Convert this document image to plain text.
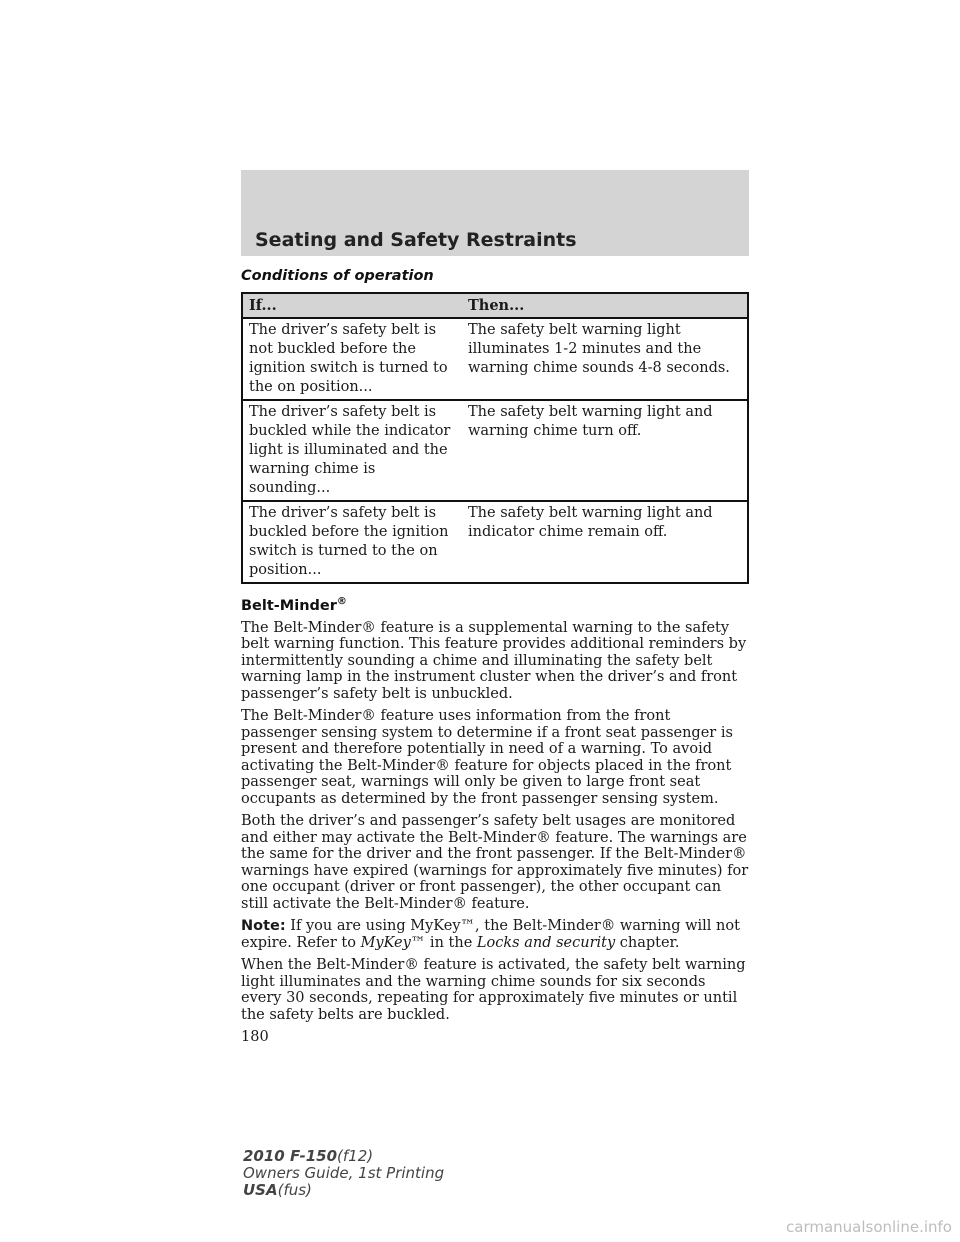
Seating and Safety Restraints
Conditions of operation
If...	Then...
The driver’s safety belt is not buckled before the ignition switch is turned to the on position...	The safety belt warning light illuminates 1-2 minutes and the warning chime sounds 4-8 seconds.
The driver’s safety belt is buckled while the indicator light is illuminated and the warning chime is sounding...	The safety belt warning light and warning chime turn off.
The driver’s safety belt is buckled before the ignition switch is turned to the on position...	The safety belt warning light and indicator chime remain off.
Belt-Minder®

The Belt-Minder® feature is a supplemental warning to the safety belt warning function. This feature provides additional reminders by intermittently sounding a chime and illuminating the safety belt warning lamp in the instrument cluster when the driver’s and front passenger’s safety belt is unbuckled.

The Belt-Minder® feature uses information from the front passenger sensing system to determine if a front seat passenger is present and therefore potentially in need of a warning. To avoid activating the Belt-Minder® feature for objects placed in the front passenger seat, warnings will only be given to large front seat occupants as determined by the front passenger sensing system.

Both the driver’s and passenger’s safety belt usages are monitored and either may activate the Belt-Minder® feature. The warnings are the same for the driver and the front passenger. If the Belt-Minder® warnings have expired (warnings for approximately five minutes) for one occupant (driver or front passenger), the other occupant can still activate the Belt-Minder® feature.

Note: If you are using MyKey™, the Belt-Minder® warning will not expire. Refer to MyKey™ in the Locks and security chapter.

When the Belt-Minder® feature is activated, the safety belt warning light illuminates and the warning chime sounds for six seconds every 30 seconds, repeating for approximately five minutes or until the safety belts are buckled.

180
2010 F-150(f12)
Owners Guide, 1st Printing
USA(fus)
carmanualsonline.info
